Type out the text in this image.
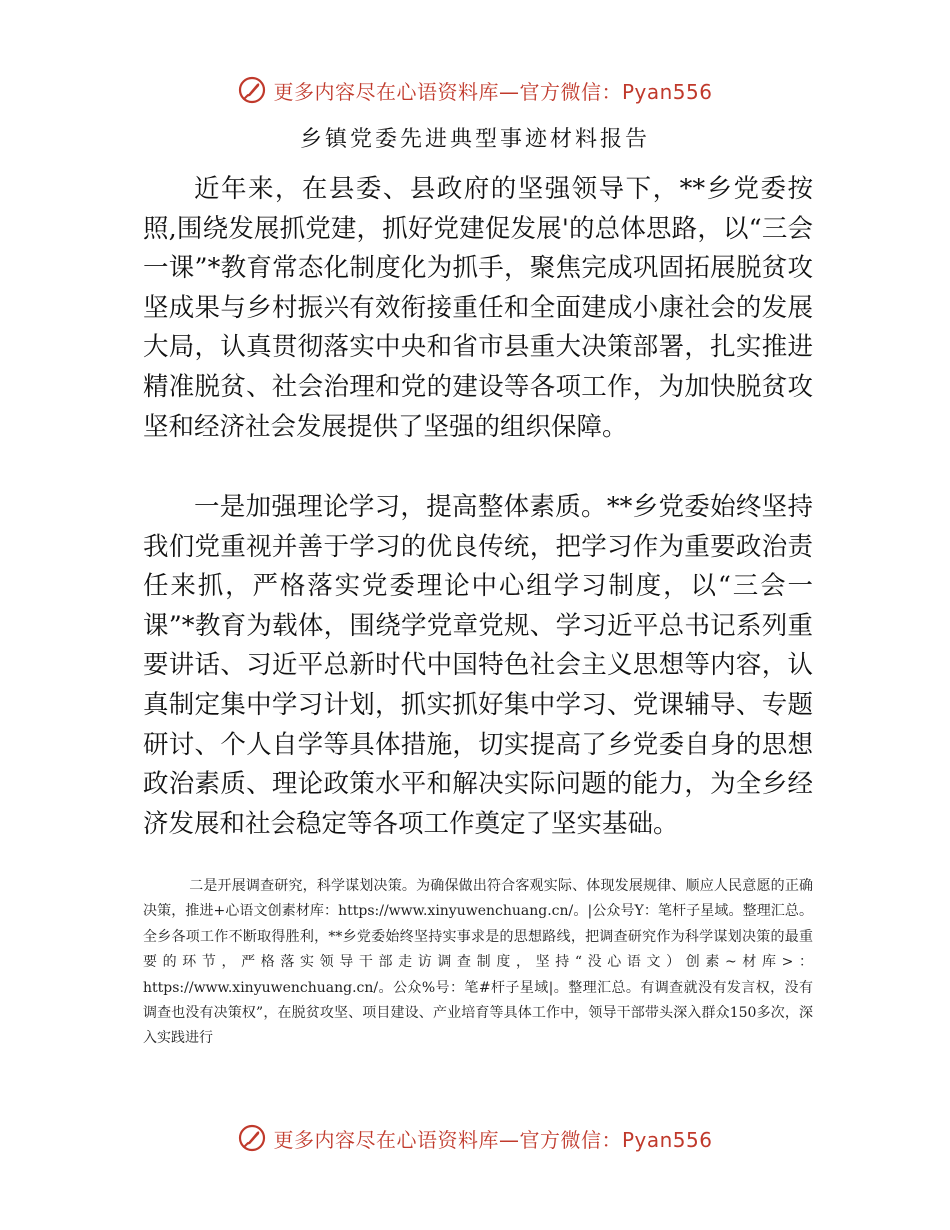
更多内容尽在心语资料库—官方微信：Pyan556
乡镇党委先进典型事迹材料报告

近年来，在县委、县政府的坚强领导下，**乡党委按照,围绕发展抓党建，抓好党建促发展'的总体思路，以“三会一课”*教育常态化制度化为抓手，聚焦完成巩固拓展脱贫攻坚成果与乡村振兴有效衔接重任和全面建成小康社会的发展大局，认真贯彻落实中央和省市县重大决策部署，扎实推进精准脱贫、社会治理和党的建设等各项工作，为加快脱贫攻坚和经济社会发展提供了坚强的组织保障。

一是加强理论学习，提高整体素质。**乡党委始终坚持我们党重视并善于学习的优良传统，把学习作为重要政治责任来抓，严格落实党委理论中心组学习制度，以“三会一课”*教育为载体，围绕学党章党规、学习近平总书记系列重要讲话、习近平总新时代中国特色社会主义思想等内容，认真制定集中学习计划，抓实抓好集中学习、党课辅导、专题研讨、个人自学等具体措施，切实提高了乡党委自身的思想政治素质、理论政策水平和解决实际问题的能力，为全乡经济发展和社会稳定等各项工作奠定了坚实基础。

二是开展调查研究，科学谋划决策。为确保做出符合客观实际、体现发展规律、顺应人民意愿的正确决策，推进+心语文创素材库：https://www.xinyuwenchuang.cn/。|公众号Y：笔杆子星域。整理汇总。全乡各项工作不断取得胜利，**乡党委始终坚持实事求是的思想路线，把调查研究作为科学谋划决策的最重要的环节，严格落实领导干部走访调查制度，坚持“没心语文）创素~材库>：https://www.xinyuwenchuang.cn/。公众%号：笔#杆子星域|。整理汇总。有调查就没有发言权，没有调查也没有决策权”，在脱贫攻坚、项目建设、产业培育等具体工作中，领导干部带头深入群众150多次，深入实践进行

更多内容尽在心语资料库—官方微信：Pyan556
